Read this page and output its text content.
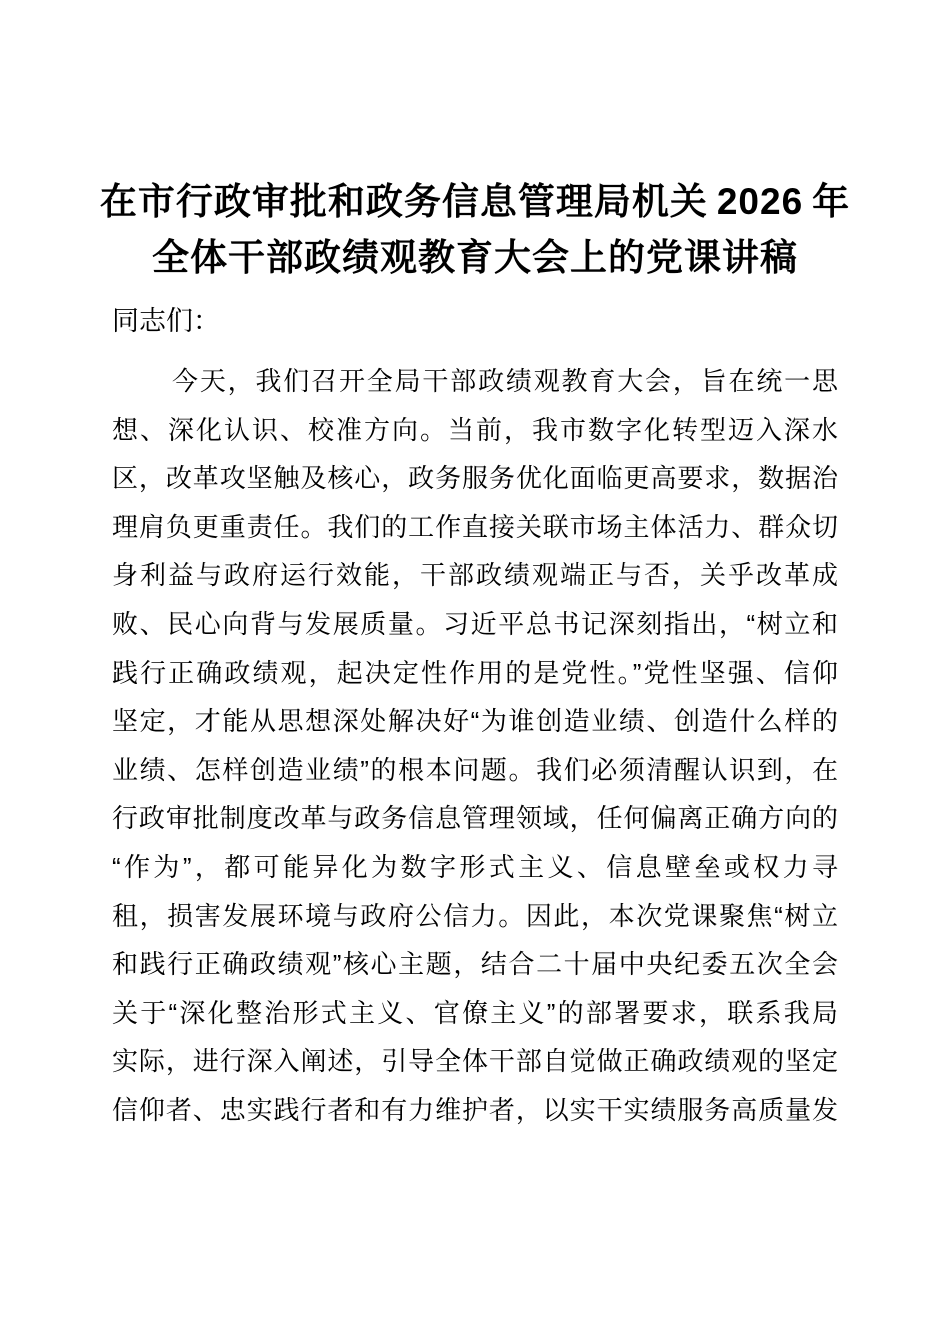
在市行政审批和政务信息管理局机关 2026 年
全体干部政绩观教育大会上的党课讲稿
同志们：
今天，我们召开全局干部政绩观教育大会，旨在统一思
想、深化认识、校准方向。当前，我市数字化转型迈入深水
区，改革攻坚触及核心，政务服务优化面临更高要求，数据治
理肩负更重责任。我们的工作直接关联市场主体活力、群众切
身利益与政府运行效能，干部政绩观端正与否，关乎改革成
败、民心向背与发展质量。习近平总书记深刻指出，“树立和
践行正确政绩观，起决定性作用的是党性。”党性坚强、信仰
坚定，才能从思想深处解决好“为谁创造业绩、创造什么样的
业绩、怎样创造业绩”的根本问题。我们必须清醒认识到，在
行政审批制度改革与政务信息管理领域，任何偏离正确方向的
“作为”，都可能异化为数字形式主义、信息壁垒或权力寻
租，损害发展环境与政府公信力。因此，本次党课聚焦“树立
和践行正确政绩观”核心主题，结合二十届中央纪委五次全会
关于“深化整治形式主义、官僚主义”的部署要求，联系我局
实际，进行深入阐述，引导全体干部自觉做正确政绩观的坚定
信仰者、忠实践行者和有力维护者，以实干实绩服务高质量发
